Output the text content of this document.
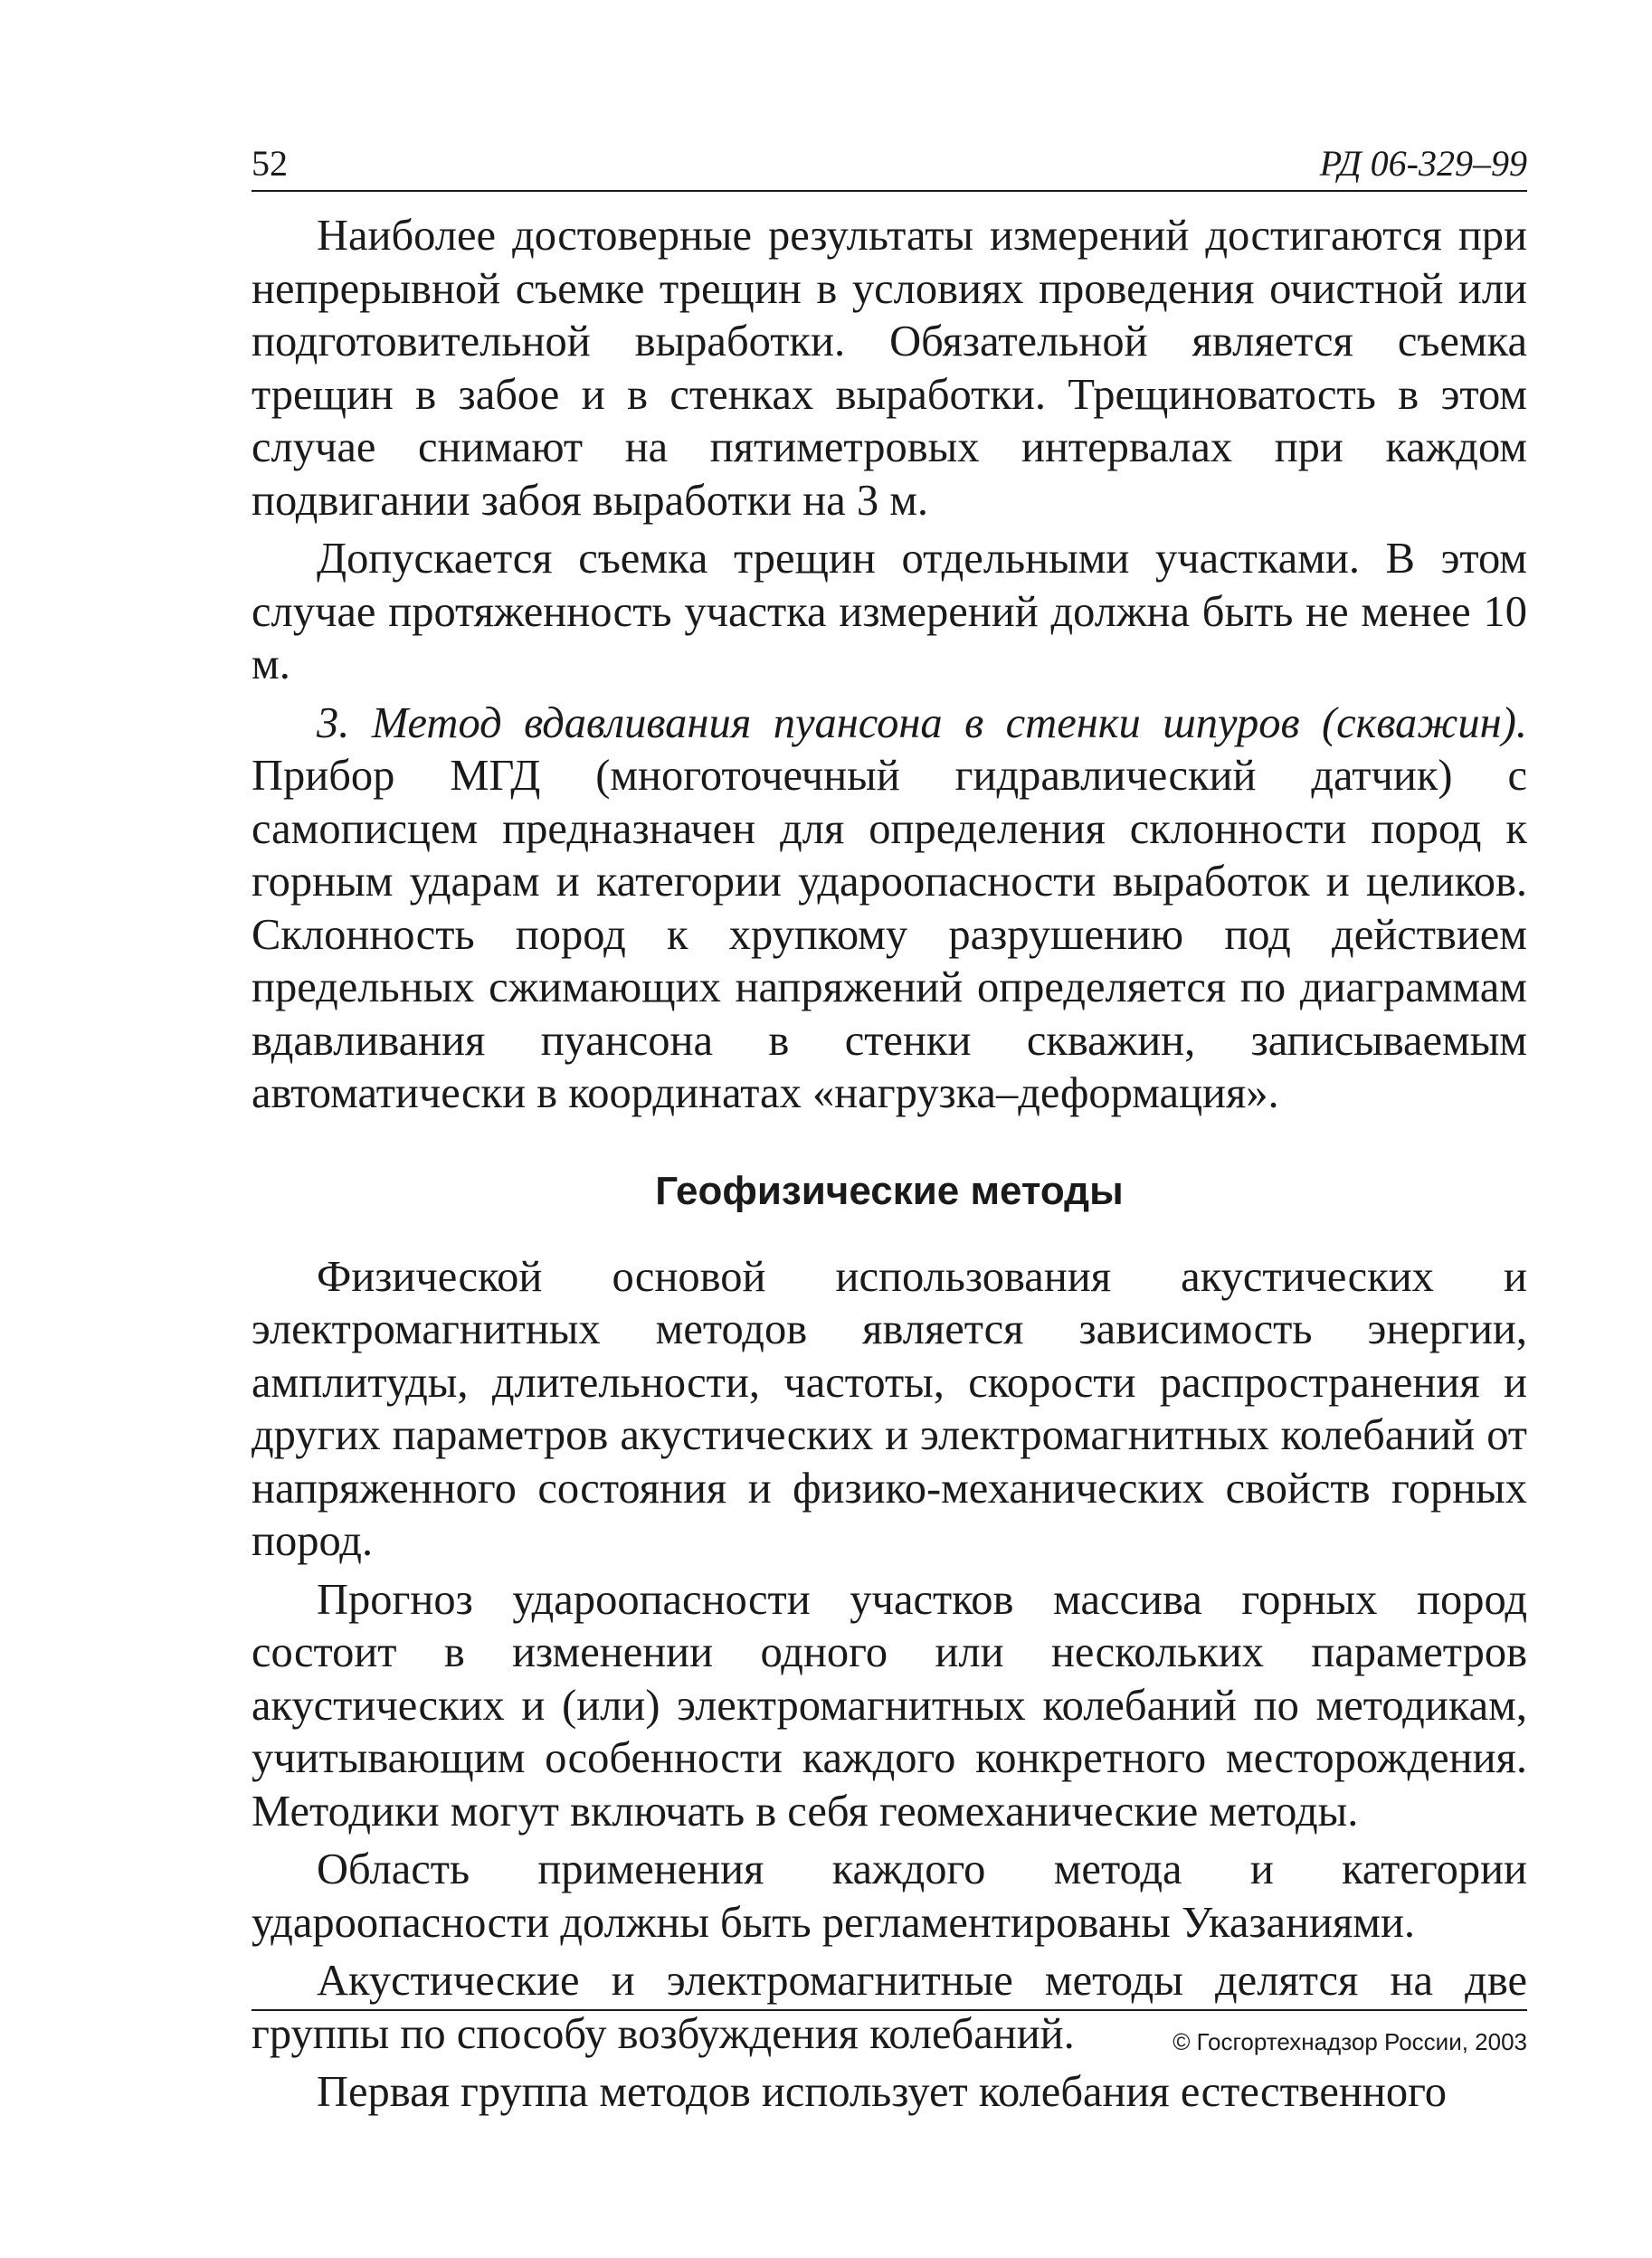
52	РД 06-329–99

Наиболее достоверные результаты измерений достигаются при непрерывной съемке трещин в условиях проведения очистной или подготовительной выработки. Обязательной является съемка трещин в забое и в стенках выработки. Трещиноватость в этом случае снимают на пятиметровых интервалах при каждом подвигании забоя выработки на 3 м.

Допускается съемка трещин отдельными участками. В этом случае протяженность участка измерений должна быть не менее 10 м.

3. Метод вдавливания пуансона в стенки шпуров (скважин). Прибор МГД (многоточечный гидравлический датчик) с самописцем предназначен для определения склонности пород к горным ударам и категории удароопасности выработок и целиков. Склонность пород к хрупкому разрушению под действием предельных сжимающих напряжений определяется по диаграммам вдавливания пуансона в стенки скважин, записываемым автоматически в координатах «нагрузка–деформация».

Геофизические методы

Физической основой использования акустических и электромагнитных методов является зависимость энергии, амплитуды, длительности, частоты, скорости распространения и других параметров акустических и электромагнитных колебаний от напряженного состояния и физико-механических свойств горных пород.

Прогноз удароопасности участков массива горных пород состоит в изменении одного или нескольких параметров акустических и (или) электромагнитных колебаний по методикам, учитывающим особенности каждого конкретного месторождения. Методики могут включать в себя геомеханические методы.

Область применения каждого метода и категории удароопасности должны быть регламентированы Указаниями.

Акустические и электромагнитные методы делятся на две группы по способу возбуждения колебаний.

Первая группа методов использует колебания естественного

© Госгортехнадзор России, 2003
